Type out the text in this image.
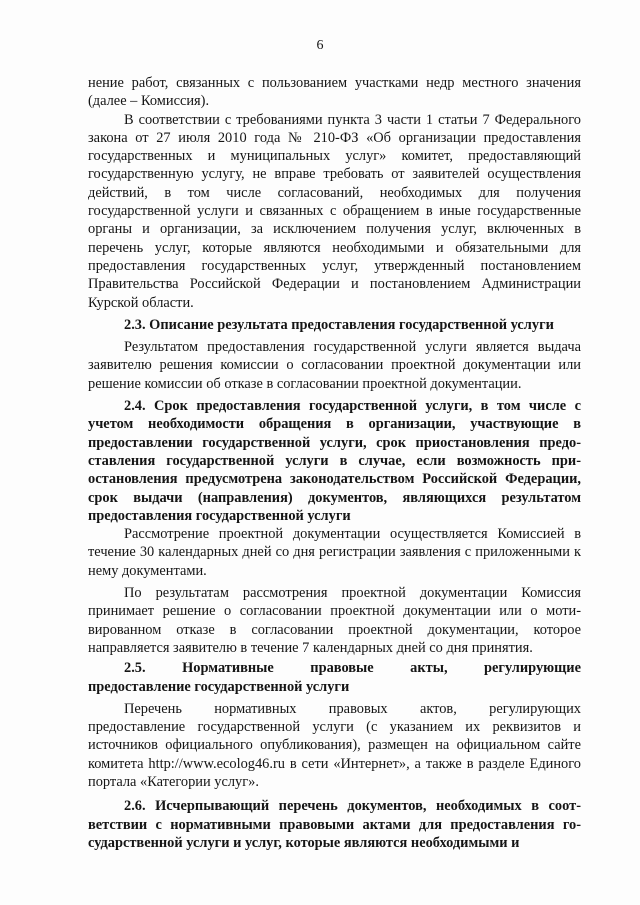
6

нение работ, связанных с пользованием участками недр местного значения (далее – Комиссия).

В соответствии с требованиями пункта 3 части 1 статьи 7 Федерального закона от 27 июля 2010 года № 210-ФЗ «Об организации предоставления государственных и муниципальных услуг» комитет, предоставляющий государственную услугу, не вправе требовать от заявителей осуществления действий, в том числе согласований, необходимых для получения государственной услуги и связанных с обращением в иные государственные органы и организации, за исключением получения услуг, включенных в перечень услуг, которые являются необходимыми и обязательными для предоставления государственных услуг, утвержденный постановлением Правительства Российской Федерации и постановлением Администрации Курской области.

2.3. Описание результата предоставления государственной услуги

Результатом предоставления государственной услуги является выдача заявителю решения комиссии о согласовании проектной документации или решение комиссии об отказе в согласовании проектной документации.

2.4. Срок предоставления государственной услуги, в том числе с учетом необходимости обращения в организации, участвующие в предоставлении государственной услуги, срок приостановления предоставления государственной услуги в случае, если возможность приостановления предусмотрена законодательством Российской Федерации, срок выдачи (направления) документов, являющихся результатом предоставления государственной услуги

Рассмотрение проектной документации осуществляется Комиссией в течение 30 календарных дней со дня регистрации заявления с приложенными к нему документами.

По результатам рассмотрения проектной документации Комиссия принимает решение о согласовании проектной документации или о мотивированном отказе в согласовании проектной документации, которое направляется заявителю в течение 7 календарных дней со дня принятия.

2.5.	Нормативные	правовые	акты,	регулирующие

предоставление государственной услуги

Перечень нормативных правовых актов, регулирующих

предоставление государственной услуги (с указанием их реквизитов и источников официального опубликования), размещен на официальном сайте комитета http://www.ecolog46.ru в сети «Интернет», а также в разделе Единого портала «Категории услуг».

2.6. Исчерпывающий перечень документов, необходимых в соответствии с нормативными правовыми актами для предоставления государственной услуги и услуг, которые являются необходимыми и
